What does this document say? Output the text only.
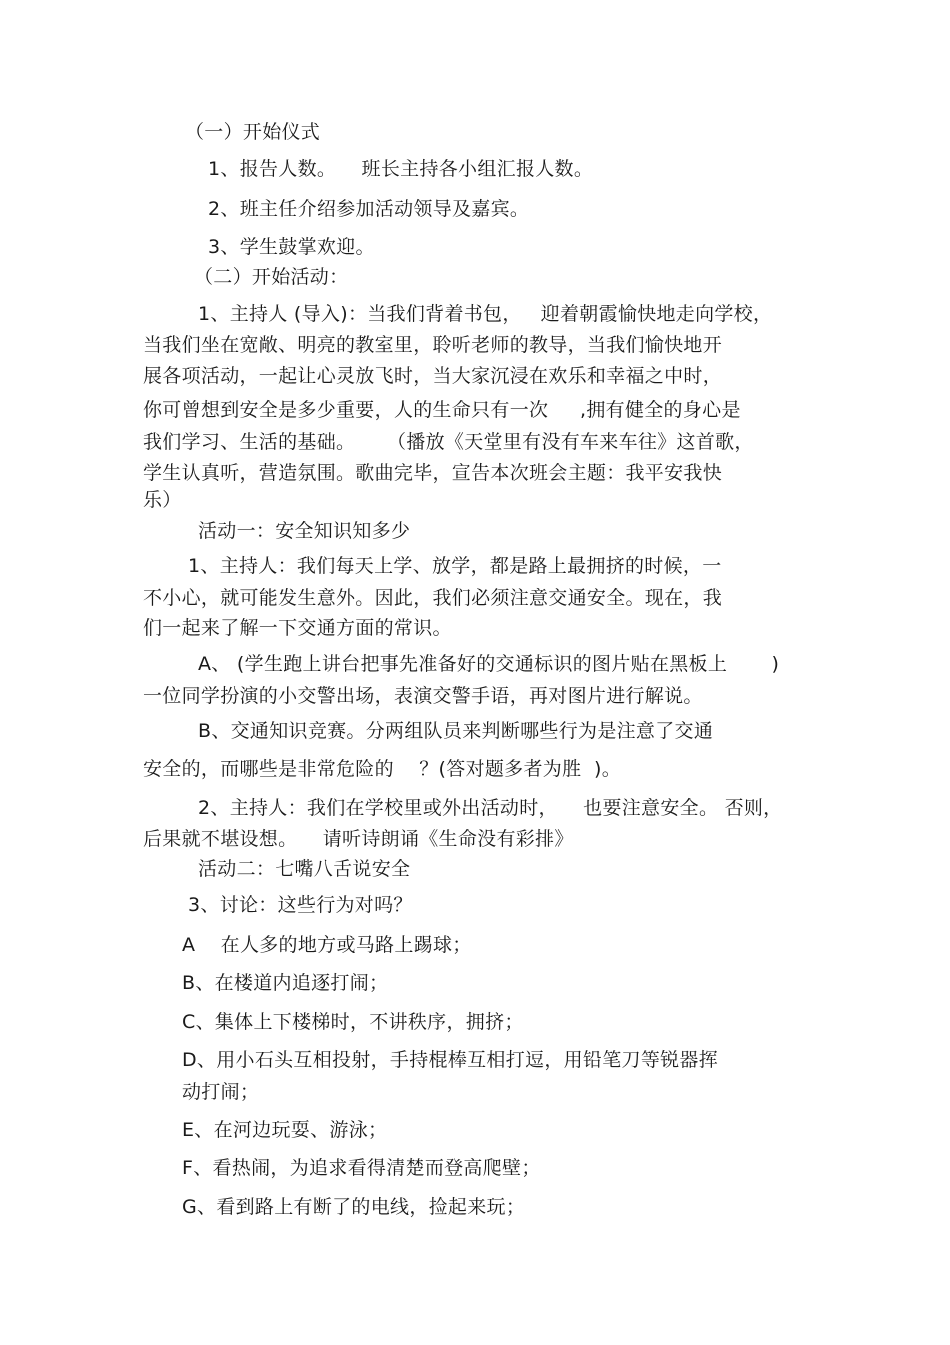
（一）开始仪式
1、报告人数。    班长主持各小组汇报人数。
2、班主任介绍参加活动领导及嘉宾。
3、学生鼓掌欢迎。
（二）开始活动：
1、主持人 (导入)：当我们背着书包，   迎着朝霞愉快地走向学校，
当我们坐在宽敞、明亮的教室里，聆听老师的教导，当我们愉快地开
展各项活动，一起让心灵放飞时，当大家沉浸在欢乐和幸福之中时，
你可曾想到安全是多少重要，人的生命只有一次     ,拥有健全的身心是
我们学习、生活的基础。     （播放《天堂里有没有车来车往》这首歌，
学生认真听，营造氛围。歌曲完毕，宣告本次班会主题：我平安我快
乐）
活动一：安全知识知多少
1、主持人：我们每天上学、放学，都是路上最拥挤的时候，一
不小心，就可能发生意外。因此，我们必须注意交通安全。现在，我
们一起来了解一下交通方面的常识。
A、 (学生跑上讲台把事先准备好的交通标识的图片贴在黑板上       )
一位同学扮演的小交警出场，表演交警手语，再对图片进行解说。
B、交通知识竞赛。分两组队员来判断哪些行为是注意了交通
安全的，而哪些是非常危险的    ？(答对题多者为胜  )。
2、主持人：我们在学校里或外出活动时，    也要注意安全。 否则，
后果就不堪设想。    请听诗朗诵《生命没有彩排》
活动二：七嘴八舌说安全
3、讨论：这些行为对吗？
A    在人多的地方或马路上踢球；
B、在楼道内追逐打闹；
C、集体上下楼梯时，不讲秩序，拥挤；
D、用小石头互相投射，手持棍棒互相打逗，用铅笔刀等锐器挥
动打闹；
E、在河边玩耍、游泳；
F、看热闹，为追求看得清楚而登高爬壁；
G、看到路上有断了的电线，捡起来玩；
